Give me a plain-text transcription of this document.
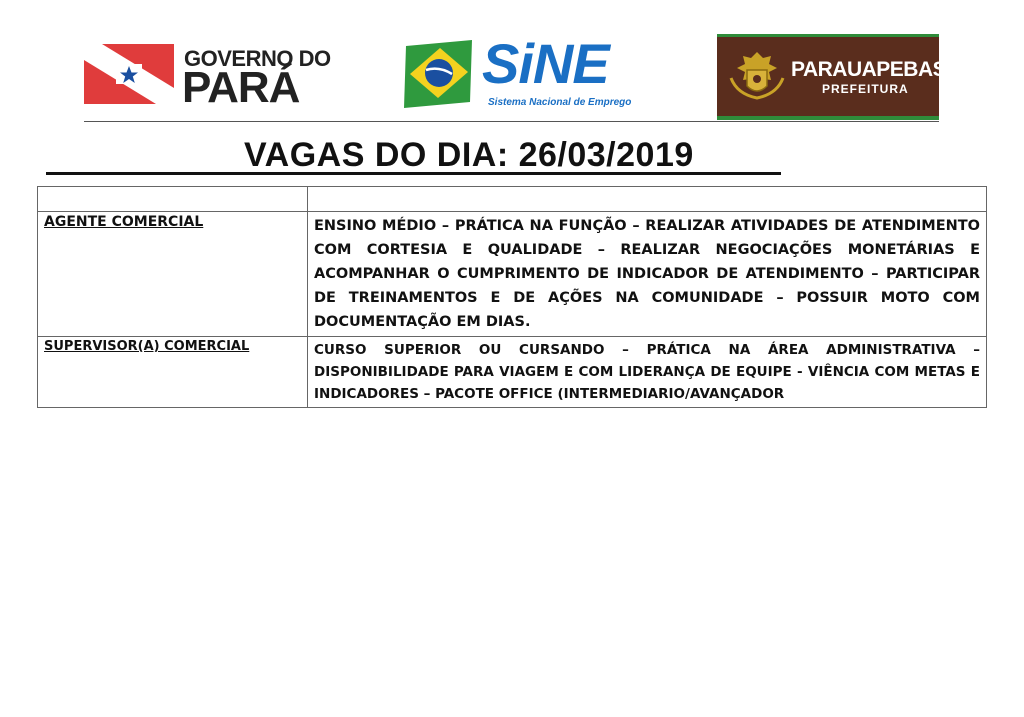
GOVERNO DO
PARÁ	SiNE
Sistema Nacional de Emprego
PARAUAPEBAS
PREFEITURA
VAGAS DO DIA: 26/03/2019

AGENTE COMERCIAL	ENSINO MÉDIO – PRÁTICA NA FUNÇÃO – REALIZAR ATIVIDADES DE ATENDIMENTO COM CORTESIA E QUALIDADE – REALIZAR NEGOCIAÇÕES MONETÁRIAS E ACOMPANHAR O CUMPRIMENTO DE INDICADOR DE ATENDIMENTO – PARTICIPAR DE TREINAMENTOS E DE AÇÕES NA COMUNIDADE – POSSUIR MOTO COM DOCUMENTAÇÃO EM DIAS.
SUPERVISOR(A) COMERCIAL	CURSO SUPERIOR OU CURSANDO – PRÁTICA NA ÁREA ADMINISTRATIVA – DISPONIBILIDADE PARA VIAGEM E COM LIDERANÇA DE EQUIPE - VIÊNCIA COM METAS E INDICADORES – PACOTE OFFICE (INTERMEDIARIO/AVANÇADOR
